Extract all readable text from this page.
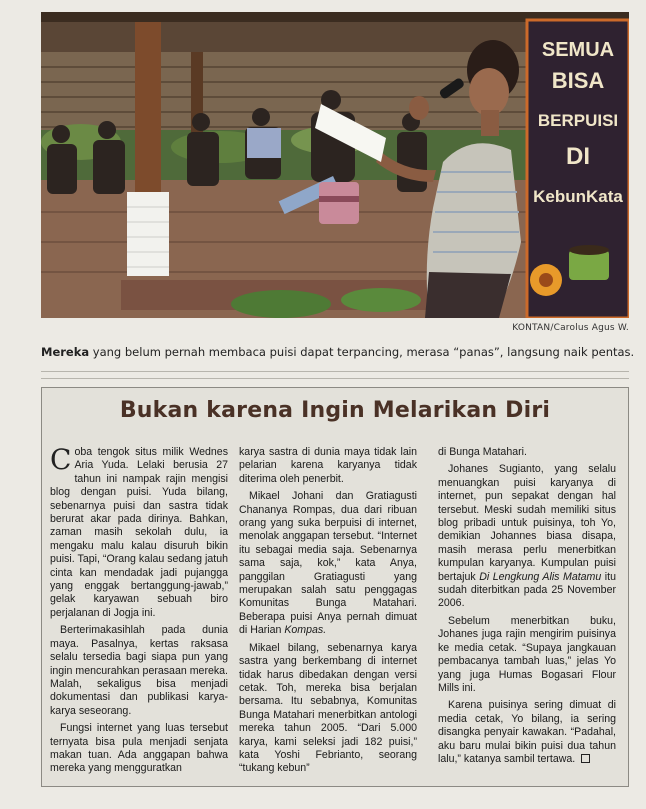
SEMUA
BISA
BERPUISI
DI
KebunKata
KONTAN/Carolus Agus W.
Mereka yang belum pernah membaca puisi dapat terpancing, merasa “panas”, langsung naik pentas.
Bukan karena Ingin Melarikan Diri

Coba tengok situs milik Wednes Aria Yuda. Lelaki berusia 27 tahun ini nampak rajin mengisi blog dengan puisi. Yuda bilang, sebenarnya puisi dan sastra tidak berurat akar pada dirinya. Bahkan, zaman masih sekolah dulu, ia mengaku malu kalau disuruh bikin puisi. Tapi, “Orang kalau sedang jatuh cinta kan mendadak jadi pujangga yang enggak bertanggung-jawab,” gelak karyawan sebuah biro perjalanan di Jogja ini.

Berterimakasihlah pada dunia maya. Pasalnya, kertas raksasa selalu tersedia bagi siapa pun yang ingin mencurahkan perasaan mereka. Malah, sekaligus bisa menjadi dokumentasi dan publikasi karya-karya seseorang.

Fungsi internet yang luas tersebut ternyata bisa pula menjadi senjata makan tuan. Ada anggapan bahwa mereka yang mengguratkan

karya sastra di dunia maya tidak lain pelarian karena karyanya tidak diterima oleh penerbit.

Mikael Johani dan Gratiagusti Chananya Rompas, dua dari ribuan orang yang suka berpuisi di internet, menolak anggapan tersebut. “Internet itu sebagai media saja. Sebenarnya sama saja, kok,” kata Anya, panggilan Gratiagusti yang merupakan salah satu penggagas Komunitas Bunga Matahari. Beberapa puisi Anya pernah dimuat di Harian Kompas.

Mikael bilang, sebenarnya karya sastra yang berkembang di internet tidak harus dibedakan dengan versi cetak. Toh, mereka bisa berjalan bersama. Itu sebabnya, Komunitas Bunga Matahari menerbitkan antologi mereka tahun 2005. “Dari 5.000 karya, kami seleksi jadi 182 puisi,” kata Yoshi Febrianto, seorang “tukang kebun”

di Bunga Matahari.

Johanes Sugianto, yang selalu menuangkan puisi karyanya di internet, pun sepakat dengan hal tersebut. Meski sudah memiliki situs blog pribadi untuk puisinya, toh Yo, demikian Johannes biasa disapa, masih merasa perlu menerbitkan kumpulan karyanya. Kumpulan puisi bertajuk Di Lengkung Alis Matamu itu sudah diterbitkan pada 25 November 2006.

Sebelum menerbitkan buku, Johanes juga rajin mengirim puisinya ke media cetak. “Supaya jangkauan pembacanya tambah luas,” jelas Yo yang juga Humas Bogasari Flour Mills ini.

Karena puisinya sering dimuat di media cetak, Yo bilang, ia sering disangka penyair kawakan. “Padahal, aku baru mulai bikin puisi dua tahun lalu,” katanya sambil tertawa.
